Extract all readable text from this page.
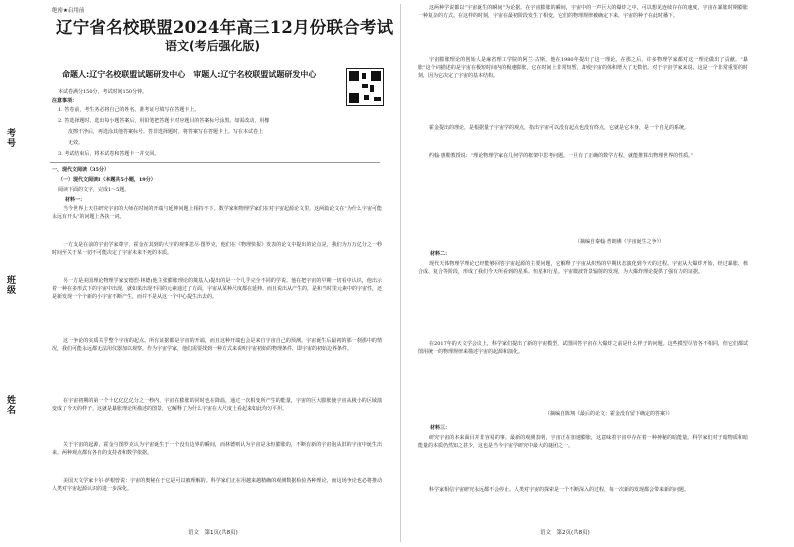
考号
班级
姓名
绝密★启用前
辽宁省名校联盟2024年高三12月份联合考试
语文(考后强化版)
命题人:辽宁名校联盟试题研发中心　审题人:辽宁名校联盟试题研发中心
本试卷满分150分，考试时间150分钟。
注意事项：
1. 答卷前，考生务必将自己的姓名、准考证号填写在答题卡上。
2. 答选择题时，选出每小题答案后，用铅笔把答题卡对应题目的答案标号涂黑。如需改动，用橡
皮擦干净后，再选涂其他答案标号。答非选择题时，将答案写在答题卡上。写在本试卷上
无效。
3. 考试结束后，将本试卷和答题卡一并交回。
一、现代文阅读（35分）
（一）现代文阅读Ⅰ（本题共5小题，19分）
阅读下面的文字，完成1～5题。
材料一：
当今世界上天往研究宇宙的大师在时间的开端与延伸问题上相持不下。数学家和物理学家们在对宇宙起源论文里，这两篇论文在“为什么宇宙可能永远有开头”的问题上各执一词。
一方支是在前的宇宙学家尊宇，霍金在其到的大宇的观事思尽·图罗克，他们在《物理快报》发表的论文中提出的论点是，我们为万万亿分之一秒时间至关于某一切不可能决定了宇宙未来不死的本质。
另一方是美国理论物理学家安德烈·林德(他主张膨胀理论的奠基人)提出的是一个几乎完全不同的学说。他在把宇宙的早期一切看中认识，他出示着一种在多形式下的宇宙中出现，就如果出现不同的元素通过了方面，宇宙从某种尺度都在延伸。而且说出从产生的，是和当时里元素中的宇宙性，还是新发现一个个新的小宇宙不断产生，而并不是从这一个中心提生出去的。
这一争论的实质关乎整个宇宙的起点。所有证据都是宇宙的开端，而且这种开端也会是来自宇宙自己的预测。宇宙诞生后最初的那一刹那中的情况，我们可能永远都无法用仪器加以观察。作为宇宙学家，他们需要找到一种方式来说明宇宙初始的物理条件，即宇宙的初始边界条件。
在宇宙初期的第一个十亿亿亿亿分之一秒内，宇宙在膨胀的同时也在降温，通过一次相变所产生的能量，宇宙的巨大膨胀使宇宙从极小的区域演变成了今天的样子。这就是暴胀理论所描述的图景，它解释了为什么宇宙在大尺度上看起来如此均匀平坦。
关于宇宙的起源，霍金与图罗克认为宇宙诞生于一个没有边界的瞬间，而林德则认为宇宙是永恒膨胀的，不断有新的宇宙泡从旧的宇宙中诞生出来。两种观点都有各自的支持者和数学依据。
美国天文学家卡尔·萨根曾说：宇宙的奥秘在于它是可以被理解的。科学家们正在用越来越精确的观测数据检验各种理论，而这场争论也必将推动人类对宇宙起源认识的进一步深化。
语文　第1页(共8页)
这两种学说都以“宇宙诞生的瞬间”为论据。在宇宙膨胀的瞬间，宇宙中的一声巨大的爆炸之中，可以想见连续存在的速度，宇宙在暴胀时期膨胀一种复杂的方式。在这样的时刻，宇宙在最初阶段发生了相变，它们的物理规律被确定下来，宇宙的种子在此时播下。
宇宙膨胀理论的创始人是麻省理工学院的阿兰·古斯，他在1980年提出了这一理论。在那之后，许多物理学家都对这一理论做出了贡献。“暴胀”这个词描述的是宇宙在极短时间内的极速膨胀，它在时间上非常短暂，却使宇宙的体积增大了无数倍。对于宇宙学家来说，这是一个非常重要的时刻，因为它决定了宇宙的基本结构。
霍金提出的理论，是根据量子宇宙学的观点，指出宇宙可以没有起点也没有终点，它就是它本身，是一个自足的系统。
约翰·惠勒教授说：“理论物理学家在几何学的框架中思考问题。一旦有了正确的数学方程，就能推算出物理世界的性质。”
（摘编自秦翰·普朗佛《宇宙诞生之争》）
材料二：
现代天体物理学理论已经能够回答宇宙起源的主要问题，它解释了宇宙从炽热的早期状态演化到今天的过程。宇宙从大爆炸开始，经过暴胀、核合成、复合等阶段，形成了我们今天所看到的星系、恒星和行星。宇宙微波背景辐射的发现，为大爆炸理论提供了强有力的证据。
在2017年的天文学会议上，科学家们提出了新的宇宙模型，试图回答宇宙在大爆炸之前是什么样子的问题。这些模型尽管各不相同，但它们都试图用统一的物理规律来描述宇宙的起源和演化。
（摘编自陈翔《最后的论文：霍金没有留下确定的答案》）
材料三：
研究宇宙的本来面目并非容易的事。最新的观测表明，宇宙正在加速膨胀，这意味着宇宙中存在着一种神秘的暗能量。科学家们对于暗物质和暗能量的本质仍然知之甚少，这也是当今宇宙学研究中最大的谜团之一。
科学家相信宇宙研究永远都不会停止。人类对宇宙的探索是一个不断深入的过程，每一次新的发现都会带来新的问题。
语文　第2页(共8页)
